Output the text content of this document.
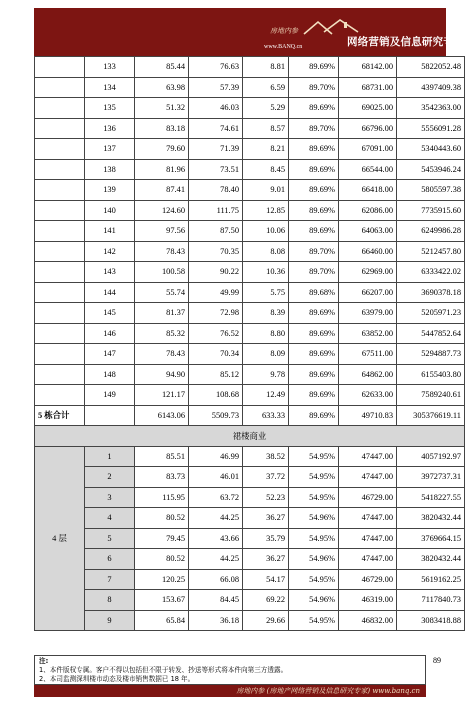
房地内参
www.BANQ.cn	网络营销及信息研究专家
	133	85.44	76.63	8.81	89.69%	68142.00	5822052.48
	134	63.98	57.39	6.59	89.70%	68731.00	4397409.38
	135	51.32	46.03	5.29	89.69%	69025.00	3542363.00
	136	83.18	74.61	8.57	89.70%	66796.00	5556091.28
	137	79.60	71.39	8.21	89.69%	67091.00	5340443.60
	138	81.96	73.51	8.45	89.69%	66544.00	5453946.24
	139	87.41	78.40	9.01	89.69%	66418.00	5805597.38
	140	124.60	111.75	12.85	89.69%	62086.00	7735915.60
	141	97.56	87.50	10.06	89.69%	64063.00	6249986.28
	142	78.43	70.35	8.08	89.70%	66460.00	5212457.80
	143	100.58	90.22	10.36	89.70%	62969.00	6333422.02
	144	55.74	49.99	5.75	89.68%	66207.00	3690378.18
	145	81.37	72.98	8.39	89.69%	63979.00	5205971.23
	146	85.32	76.52	8.80	89.69%	63852.00	5447852.64
	147	78.43	70.34	8.09	89.69%	67511.00	5294887.73
	148	94.90	85.12	9.78	89.69%	64862.00	6155403.80
	149	121.17	108.68	12.49	89.69%	62633.00	7589240.61
5 栋合计		6143.06	5509.73	633.33	89.69%	49710.83	305376619.11
裙楼商业							
4 层	1	85.51	46.99	38.52	54.95%	47447.00	4057192.97
	2	83.73	46.01	37.72	54.95%	47447.00	3972737.31
	3	115.95	63.72	52.23	54.95%	46729.00	5418227.55
	4	80.52	44.25	36.27	54.96%	47447.00	3820432.44
	5	79.45	43.66	35.79	54.95%	47447.00	3769664.15
	6	80.52	44.25	36.27	54.96%	47447.00	3820432.44
	7	120.25	66.08	54.17	54.95%	46729.00	5619162.25
	8	153.67	84.45	69.22	54.96%	46319.00	7117840.73
	9	65.84	36.18	29.66	54.95%	46832.00	3083418.88
注:
1、本件版权专属。客户不得以包括但不限于转发、抄送等形式将本件向第三方透露。
2、本司监测深圳楼市动态及楼市销售数据已 18 年。
89
房地内参 (房地产网络营销及信息研究专家) www.banq.cn
